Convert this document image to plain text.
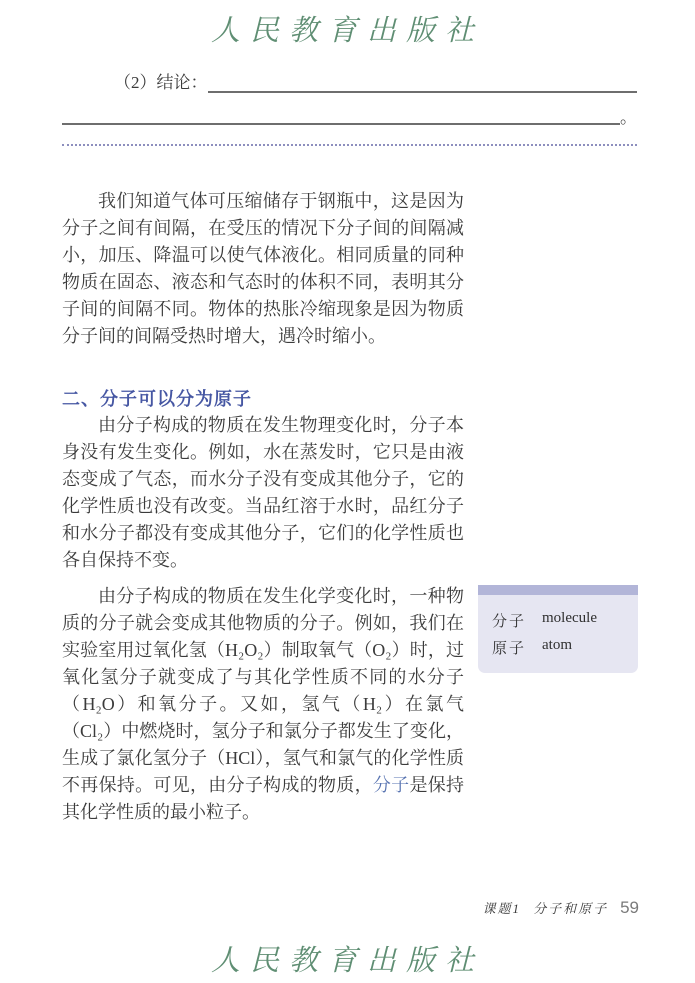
人民教育出版社
（2）结论：
。

我们知道气体可压缩储存于钢瓶中，这是因为分子之间有间隔，在受压的情况下分子间的间隔减小，加压、降温可以使气体液化。相同质量的同种物质在固态、液态和气态时的体积不同，表明其分子间的间隔不同。物体的热胀冷缩现象是因为物质分子间的间隔受热时增大，遇冷时缩小。

二、分子可以分为原子

由分子构成的物质在发生物理变化时，分子本身没有发生变化。例如，水在蒸发时，它只是由液态变成了气态，而水分子没有变成其他分子，它的化学性质也没有改变。当品红溶于水时，品红分子和水分子都没有变成其他分子，它们的化学性质也各自保持不变。

由分子构成的物质在发生化学变化时，一种物质的分子就会变成其他物质的分子。例如，我们在实验室用过氧化氢（H₂O₂）制取氧气（O₂）时，过氧化氢分子就变成了与其化学性质不同的水分子（H₂O）和氧分子。又如，氢气（H₂）在氯气（Cl₂）中燃烧时，氢分子和氯分子都发生了变化，生成了氯化氢分子（HCl），氢气和氯气的化学性质不再保持。可见，由分子构成的物质，分子是保持其化学性质的最小粒子。

分子 molecule
原子 atom
课题1 分子和原子 59
人民教育出版社
